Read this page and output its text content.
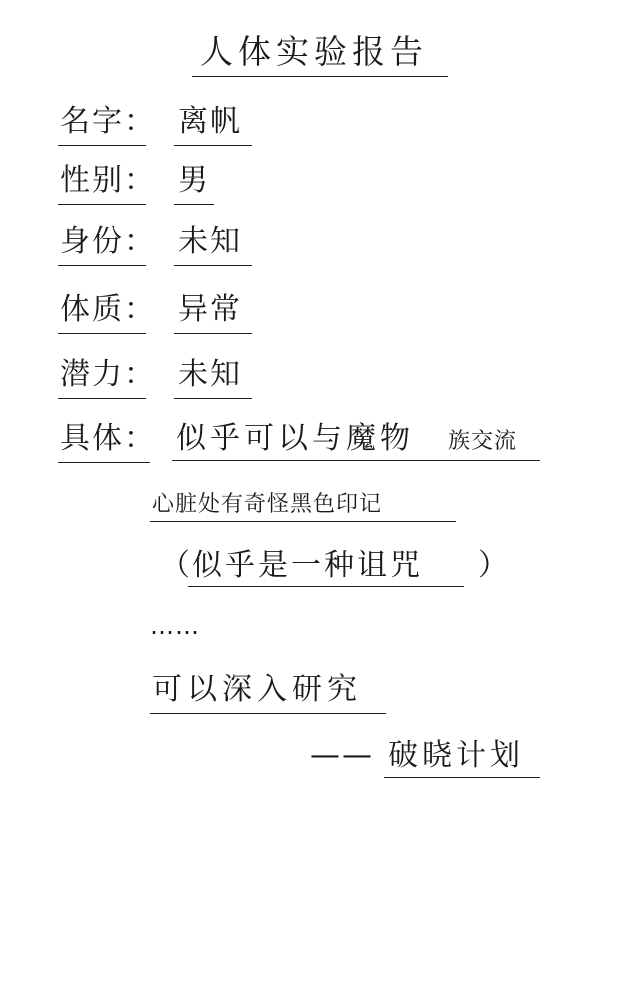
人体实验报告
名字： 离帆
性别： 男
身份： 未知
体质： 异常
潜力： 未知
具体： 似乎可以与魔物 族交流
心脏处有奇怪黑色印记
（ 似乎是一种诅咒 ）
……
可以深入研究
—— 破晓计划
